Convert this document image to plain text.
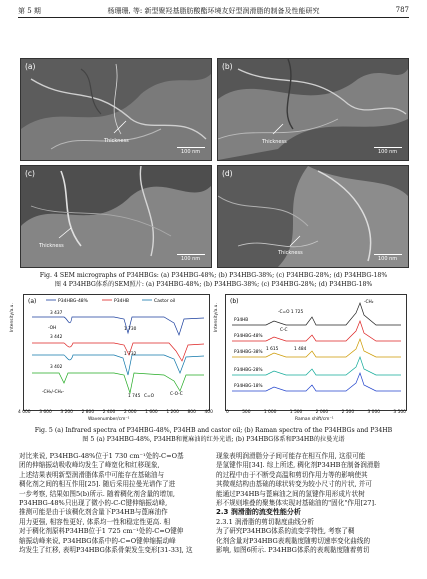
第 5 期	杨珊珊, 等: 新型聚羟基脂肪酸酯环境友好型润滑脂的制备及性能研究	787
(a)
Thickness
100 nm
(b)
Thickness
100 nm
(c)
Thickness
100 nm
(d)
Thickness
100 nm
Fig. 4 SEM micrographs of P34HBGs: (a) P34HBG-48%; (b) P34HBG-38%; (c) P34HBG-28%; (d) P34HBG-18%
图 4 P34HBG体系的SEM照片: (a) P34HBG-48%; (b) P34HBG-38%; (c) P34HBG-28%; (d) P34HBG-18%
(a)	P34HBG-48%	P34HB	Castor oil
3 437
-OH	1 730
3 442
1 732
3 402
-CH₃/-CH₂-
1 745 C=O	C-O-C
Intensity/a.u.
4 000 3 600 3 200 2 800 2 400 2 000 1 600 1 200 800 400
Wavenumber/cm⁻¹
(b)	-CH₂
-C=O 1 725
C-C
1 615	1 484
P34HB
P34HBG-48%
P34HBG-38%
P34HBG-28%
P34HBG-18%
Intensity/a.u.
0	500	1 000	1 500	2 000	2 500	3 000	3 500
Raman shift/cm⁻¹
Fig. 5 (a) Infrared spectra of P34HBG-48%, P34HB and castor oil; (b) Raman spectra of the P34HBGs and P34HB
图 5 (a) P34HBG-48%, P34HB和蓖麻油的红外光谱; (b) P34HBG体系和P34HB的拉曼光谱
对比来说, P34HBG-48%位于1 730 cm⁻¹处的-C=O基
团的伸缩振动吸收峰均发生了峰宽化和红移现象,
上述结果表明新型润滑脂体系中可能存在基础油与
稠化剂之间的相互作用[25]. 随后采用拉曼光谱作了进
一步考察, 结果如图5(b)所示. 随着稠化剂含量的增加,
P34HBG-48%只出现了微小的-C-C键伸缩振动峰,
推测可能是由于该稠化剂含量下P34HB与蓖麻油作
用力更强, 相容性更好, 体系均一性和稳定性更高. 相
对于稠化剂原料P34HB位于1 725 cm⁻¹处的-C=O键伸
缩振动峰来说, P34HBG体系中的-C=O键伸缩振动峰
均发生了红移, 表明P34HBG体系骨架发生变形[31-33], 这
现象表明润滑脂分子间可能存在相互作用, 这很可能
是氢键作用[34]. 综上所述, 稠化剂P34HB在制备润滑脂
的过程中由于不断受高温和剪切作用力等的影响使其
其微观结构由基础的球状转变为较小尺寸的片状, 并可
能通过P34HB与蓖麻油之间的氢键作用形成片状树
形不规则堆叠的聚集体实现对基础油的"固化"作用[27].
2.3 润滑脂的流变性能分析
2.3.1 润滑脂的剪切黏度曲线分析
为了研究P34HBG体系的流变学特性, 考察了稠
化剂含量对P34HBG表观黏度随剪切速率变化曲线的
影响, 如图6所示. P34HBG体系的表观黏度随着剪切
